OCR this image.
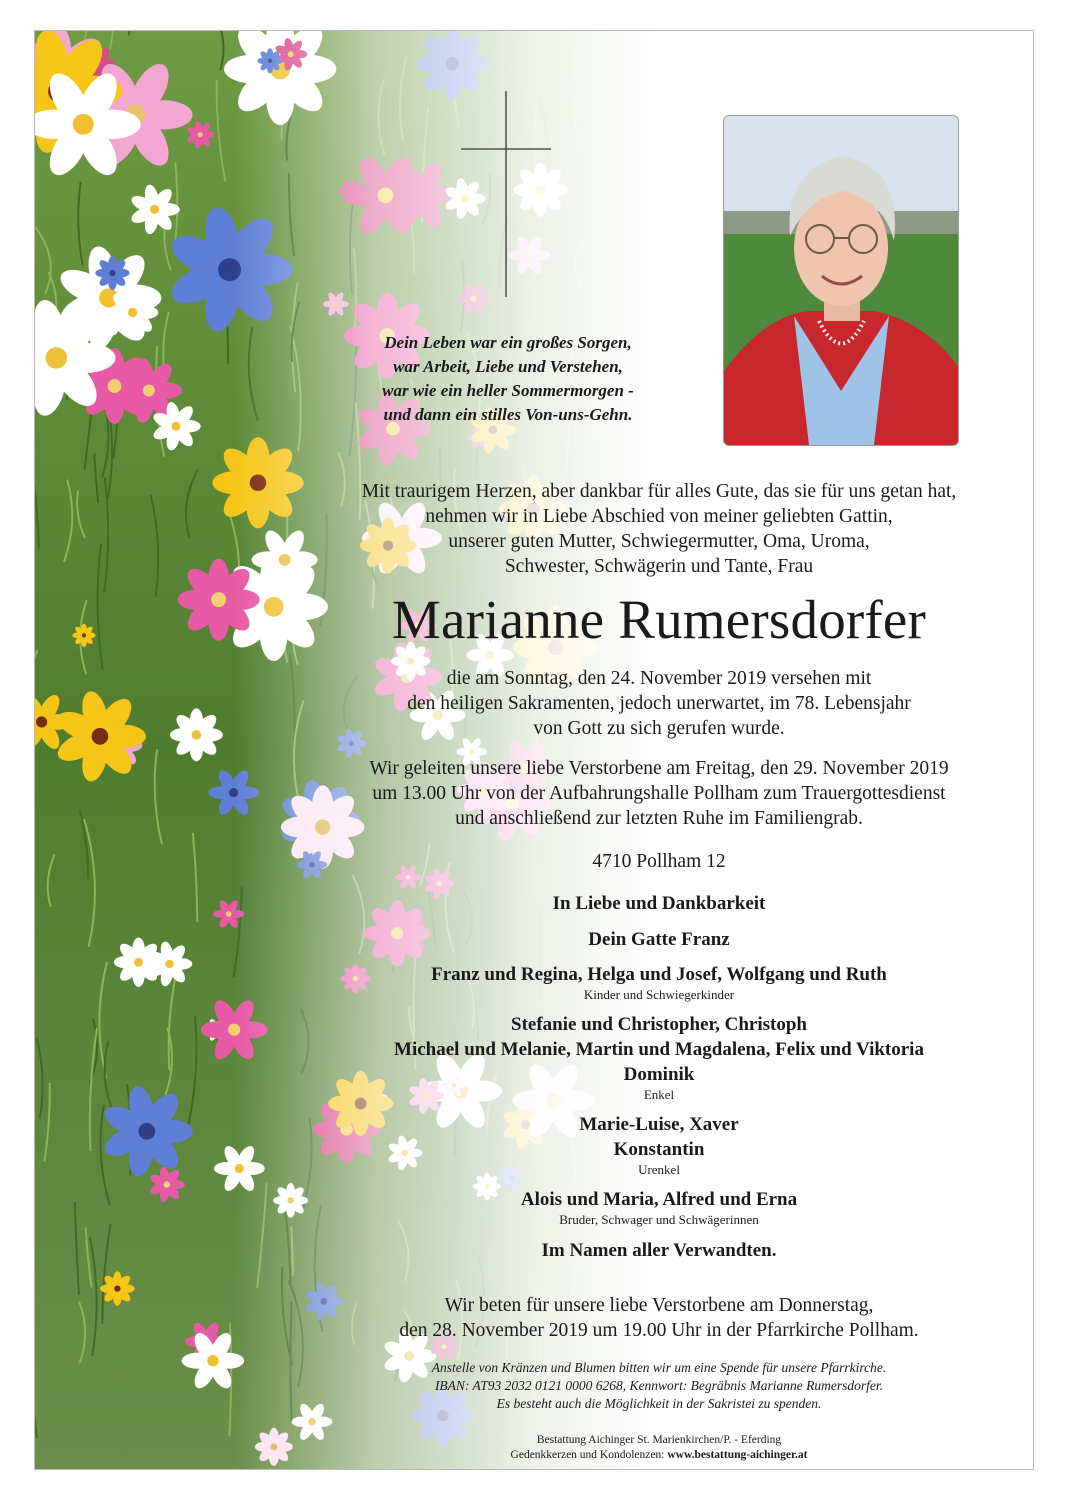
Dein Leben war ein großes Sorgen,
war Arbeit, Liebe und Verstehen,
war wie ein heller Sommermorgen -
und dann ein stilles Von-uns-Gehn.
Mit traurigem Herzen, aber dankbar für alles Gute, das sie für uns getan hat,
nehmen wir in Liebe Abschied von meiner geliebten Gattin,
unserer guten Mutter, Schwiegermutter, Oma, Uroma,
Schwester, Schwägerin und Tante, Frau
Marianne Rumersdorfer
die am Sonntag, den 24. November 2019 versehen mit
den heiligen Sakramenten, jedoch unerwartet, im 78. Lebensjahr
von Gott zu sich gerufen wurde.
Wir geleiten unsere liebe Verstorbene am Freitag, den 29. November 2019
um 13.00 Uhr von der Aufbahrungshalle Pollham zum Trauergottesdienst
und anschließend zur letzten Ruhe im Familiengrab.
4710 Pollham 12
In Liebe und Dankbarkeit
Dein Gatte Franz
Franz und Regina, Helga und Josef, Wolfgang und Ruth
Kinder und Schwiegerkinder
Stefanie und Christopher, Christoph
Michael und Melanie, Martin und Magdalena, Felix und Viktoria
Dominik
Enkel
Marie-Luise, Xaver
Konstantin
Urenkel
Alois und Maria, Alfred und Erna
Bruder, Schwager und Schwägerinnen
Im Namen aller Verwandten.
Wir beten für unsere liebe Verstorbene am Donnerstag,
den 28. November 2019 um 19.00 Uhr in der Pfarrkirche Pollham.
Anstelle von Kränzen und Blumen bitten wir um eine Spende für unsere Pfarrkirche.
IBAN: AT93 2032 0121 0000 6268, Kennwort: Begräbnis Marianne Rumersdorfer.
Es besteht auch die Möglichkeit in der Sakristei zu spenden.
Bestattung Aichinger St. Marienkirchen/P. - Eferding
Gedenkkerzen und Kondolenzen: www.bestattung-aichinger.at
